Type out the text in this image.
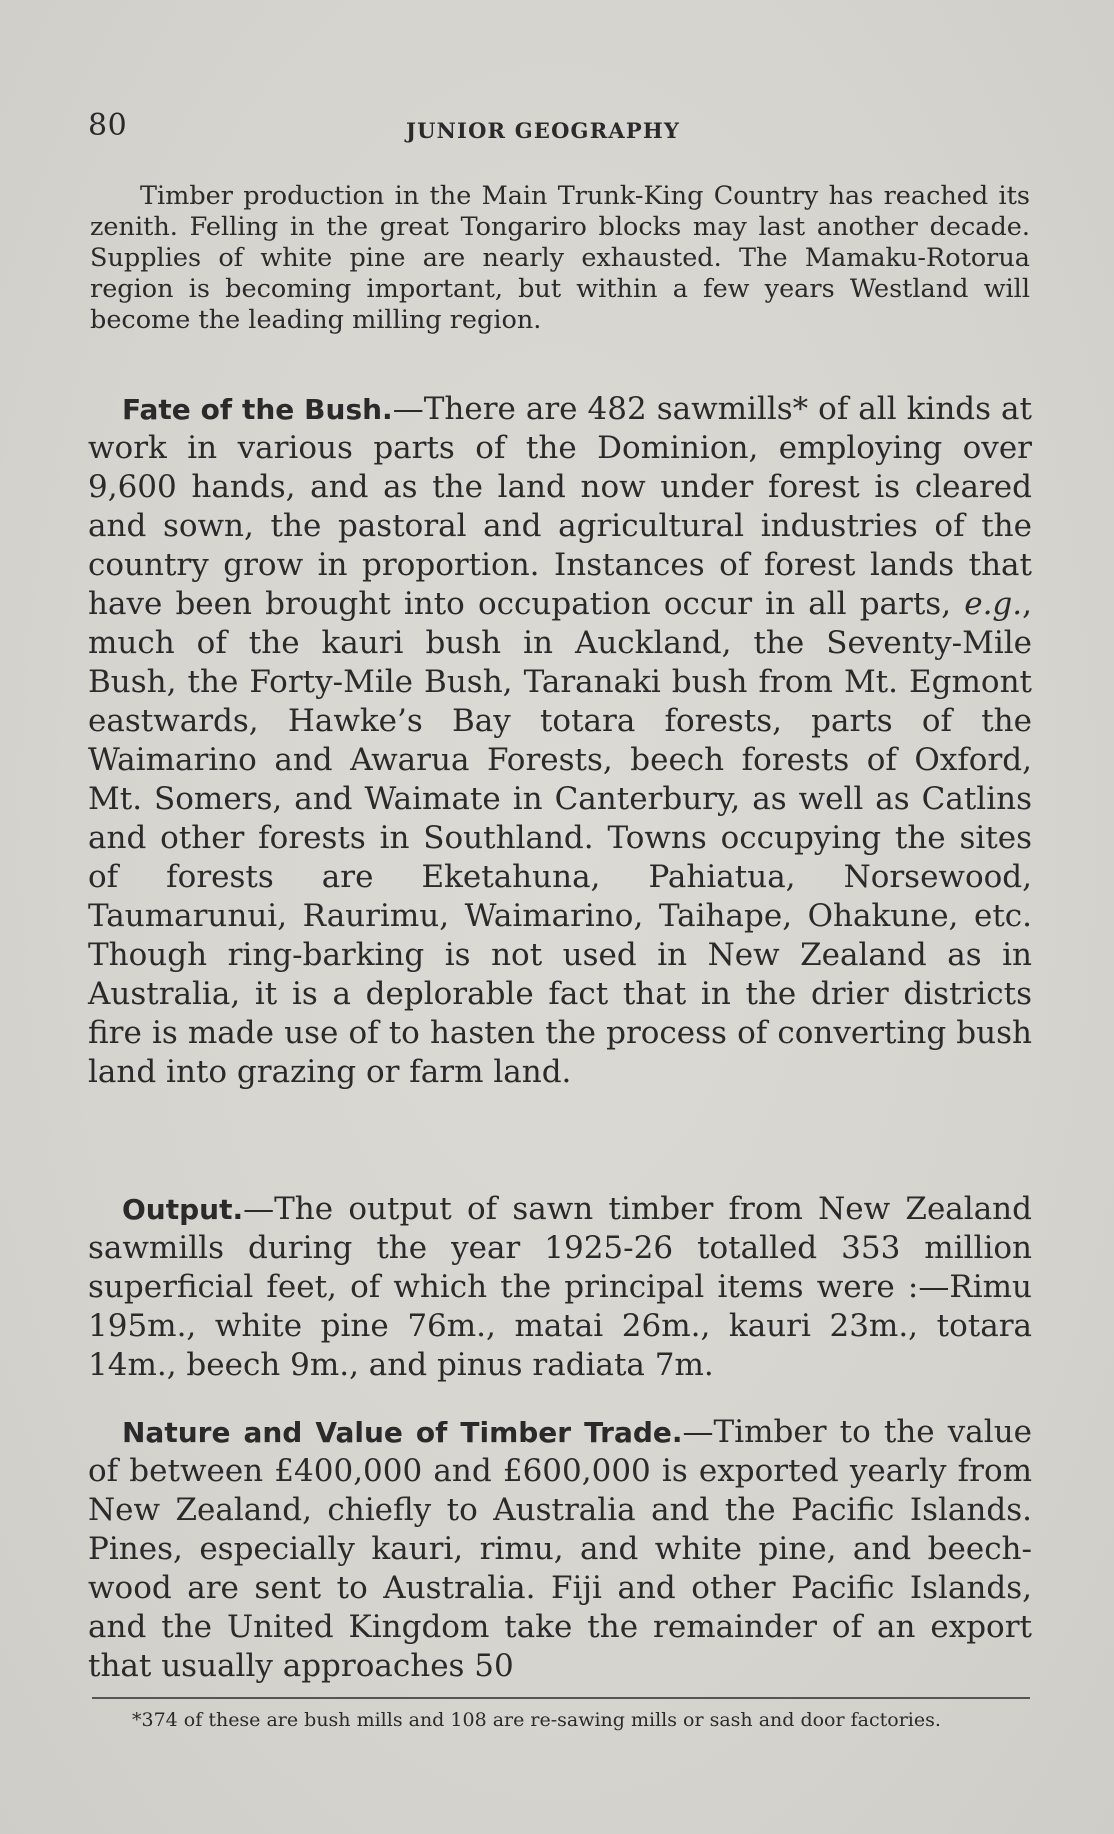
80	JUNIOR GEOGRAPHY

Timber production in the Main Trunk-King Country has reached its zenith. Felling in the great Tongariro blocks may last another decade. Supplies of white pine are nearly exhausted. The Mamaku-Rotorua region is becoming important, but within a few years Westland will become the leading milling region.

Fate of the Bush.—There are 482 sawmills* of all kinds at work in various parts of the Dominion, employing over 9,600 hands, and as the land now under forest is cleared and sown, the pastoral and agricultural industries of the country grow in proportion. Instances of forest lands that have been brought into occupation occur in all parts, e.g., much of the kauri bush in Auckland, the Seventy-Mile Bush, the Forty-Mile Bush, Taranaki bush from Mt. Egmont eastwards, Hawke’s Bay totara forests, parts of the Waimarino and Awarua Forests, beech forests of Oxford, Mt. Somers, and Waimate in Canterbury, as well as Catlins and other forests in Southland. Towns occupying the sites of forests are Eketahuna, Pahiatua, Norsewood, Taumarunui, Raurimu, Waimarino, Taihape, Ohakune, etc. Though ring-barking is not used in New Zealand as in Australia, it is a deplorable fact that in the drier districts fire is made use of to hasten the process of converting bush land into grazing or farm land.

Output.—The output of sawn timber from New Zealand sawmills during the year 1925-26 totalled 353 million superficial feet, of which the principal items were :—Rimu 195m., white pine 76m., matai 26m., kauri 23m., totara 14m., beech 9m., and pinus radiata 7m.

Nature and Value of Timber Trade.—Timber to the value of between £400,000 and £600,000 is exported yearly from New Zealand, chiefly to Australia and the Pacific Islands. Pines, especially kauri, rimu, and white pine, and beech-wood are sent to Australia. Fiji and other Pacific Islands, and the United Kingdom take the remainder of an export that usually approaches 50

*374 of these are bush mills and 108 are re-sawing mills or sash and door factories.
